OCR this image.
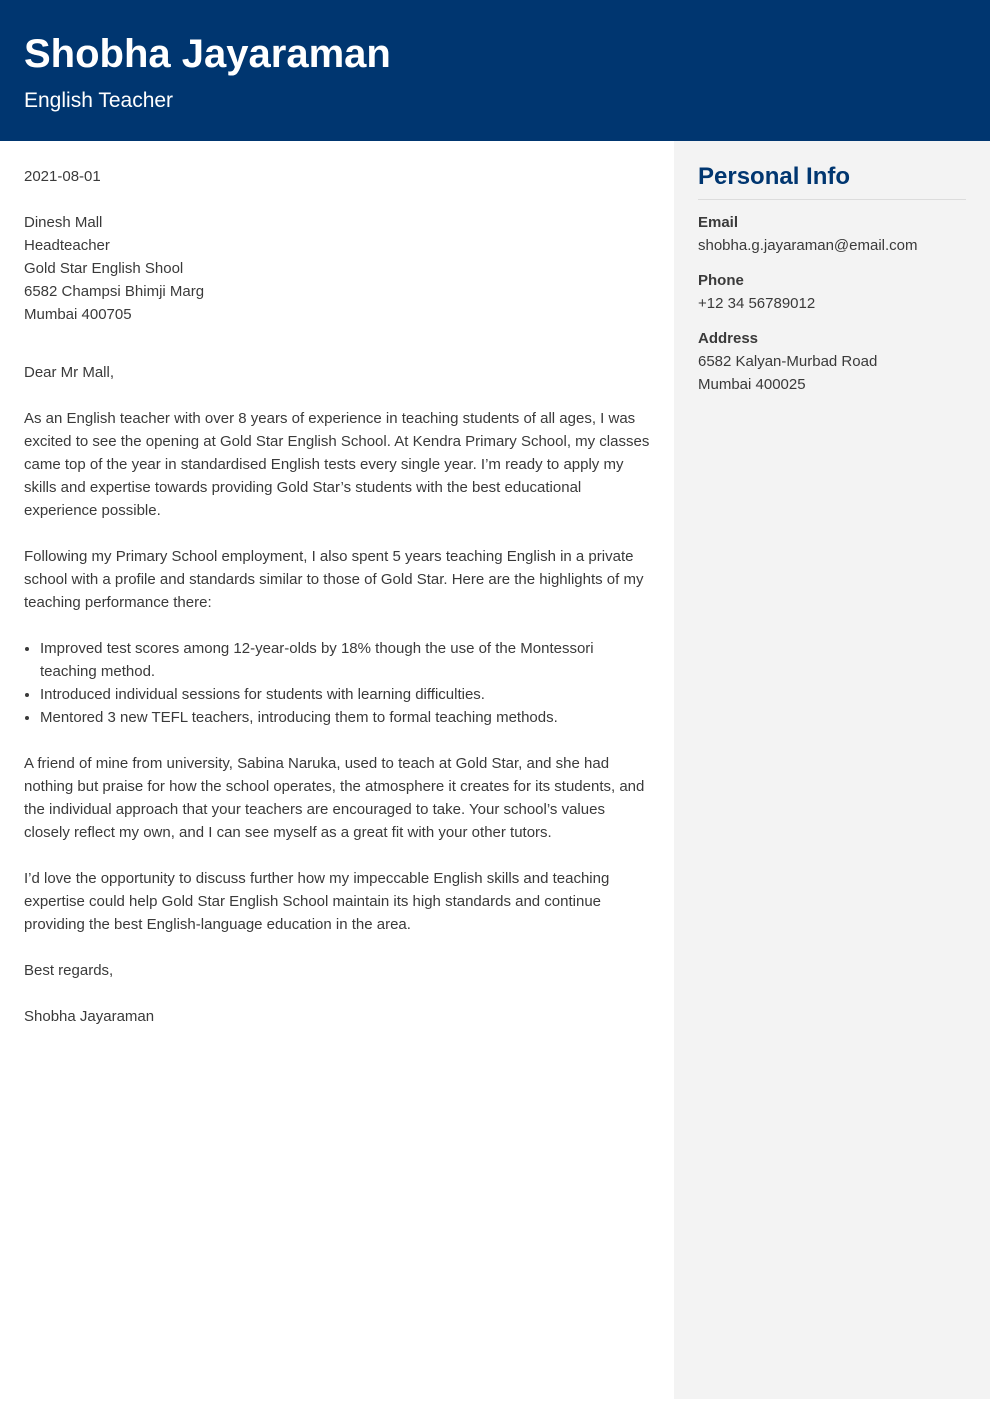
Shobha Jayaraman
English Teacher
2021-08-01
Dinesh Mall
Headteacher
Gold Star English Shool
6582 Champsi Bhimji Marg
Mumbai 400705

Dear Mr Mall,

As an English teacher with over 8 years of experience in teaching students of all ages, I was excited to see the opening at Gold Star English School. At Kendra Primary School, my classes came top of the year in standardised English tests every single year. I’m ready to apply my skills and expertise towards providing Gold Star’s students with the best educational experience possible.

Following my Primary School employment, I also spent 5 years teaching English in a private school with a profile and standards similar to those of Gold Star. Here are the highlights of my teaching performance there:

• Improved test scores among 12-year-olds by 18% though the use of the Montessori teaching method.
• Introduced individual sessions for students with learning difficulties.
• Mentored 3 new TEFL teachers, introducing them to formal teaching methods.

A friend of mine from university, Sabina Naruka, used to teach at Gold Star, and she had nothing but praise for how the school operates, the atmosphere it creates for its students, and the individual approach that your teachers are encouraged to take. Your school’s values closely reflect my own, and I can see myself as a great fit with your other tutors.

I’d love the opportunity to discuss further how my impeccable English skills and teaching expertise could help Gold Star English School maintain its high standards and continue providing the best English-language education in the area.

Best regards,

Shobha Jayaraman

Personal Info
Email
shobha.g.jayaraman@email.com
Phone
+12 34 56789012
Address
6582 Kalyan-Murbad Road
Mumbai 400025
